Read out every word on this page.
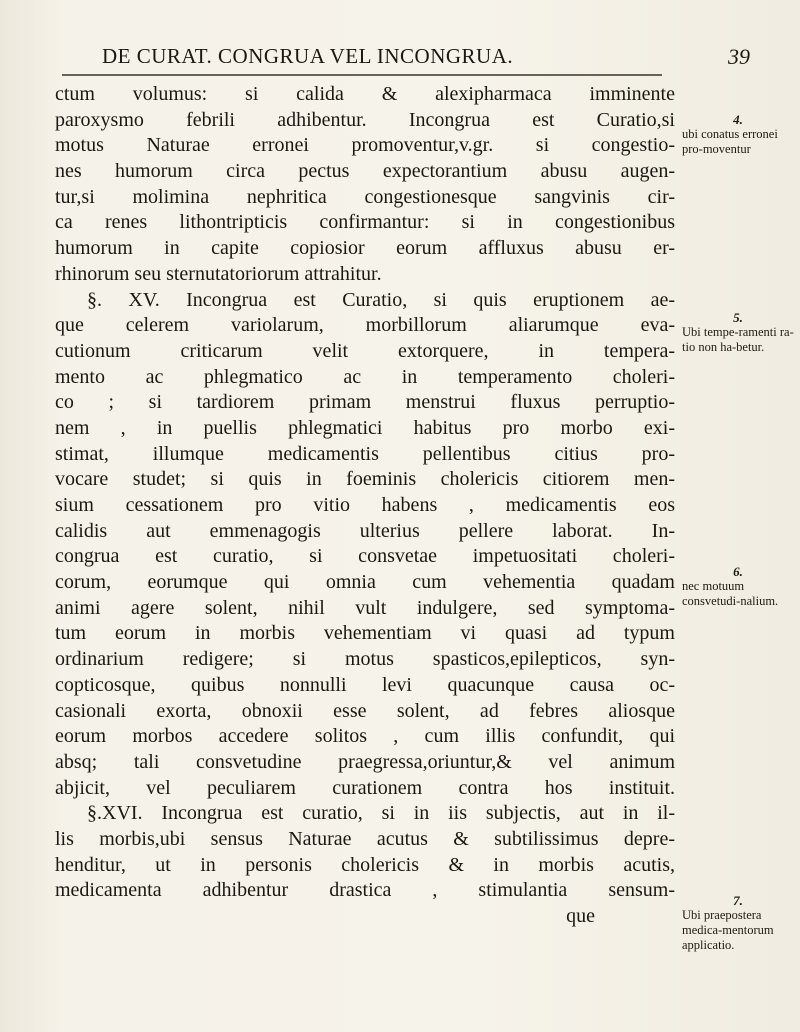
DE CURAT. CONGRUA VEL INCONGRUA.	39
ctum volumus: si calida & alexipharmaca imminente
paroxysmo febrili adhibentur. Incongrua est Curatio,si
motus Naturae erronei promoventur,v.gr. si congestio-
nes humorum circa pectus expectorantium abusu augen-
tur,si molimina nephritica congestionesque sangvinis cir-
ca renes lithontripticis confirmantur: si in congestionibus
humorum in capite copiosior eorum affluxus abusu er-
rhinorum seu sternutatoriorum attrahitur.
§. XV. Incongrua est Curatio, si quis eruptionem ae-
que celerem variolarum, morbillorum aliarumque eva-
cutionum criticarum velit extorquere, in tempera-
mento ac phlegmatico ac in temperamento choleri-
co ; si tardiorem primam menstrui fluxus perruptio-
nem , in puellis phlegmatici habitus pro morbo exi-
stimat, illumque medicamentis pellentibus citius pro-
vocare studet; si quis in foeminis cholericis citiorem men-
sium cessationem pro vitio habens , medicamentis eos
calidis aut emmenagogis ulterius pellere laborat. In-
congrua est curatio, si consvetae impetuositati choleri-
corum, eorumque qui omnia cum vehementia quadam
animi agere solent, nihil vult indulgere, sed symptoma-
tum eorum in morbis vehementiam vi quasi ad typum
ordinarium redigere; si motus spasticos,epilepticos, syn-
copticosque, quibus nonnulli levi quacunque causa oc-
casionali exorta, obnoxii esse solent, ad febres aliosque
eorum morbos accedere solitos , cum illis confundit, qui
absq; tali consvetudine praegressa,oriuntur,& vel animum
abjicit, vel peculiarem curationem contra hos instituit.
§.XVI. Incongrua est curatio, si in iis subjectis, aut in il-
lis morbis,ubi sensus Naturae acutus & subtilissimus depre-
henditur, ut in personis cholericis & in morbis acutis,
medicamenta adhibentur drastica , stimulantia sensum-
que
4.
ubi conatus erronei pro-moventur
5.
Ubi tempe-ramenti ra-tio non ha-betur.
6.
nec motuum consvetudi-nalium.
7.
Ubi praepostera medica-mentorum applicatio.
